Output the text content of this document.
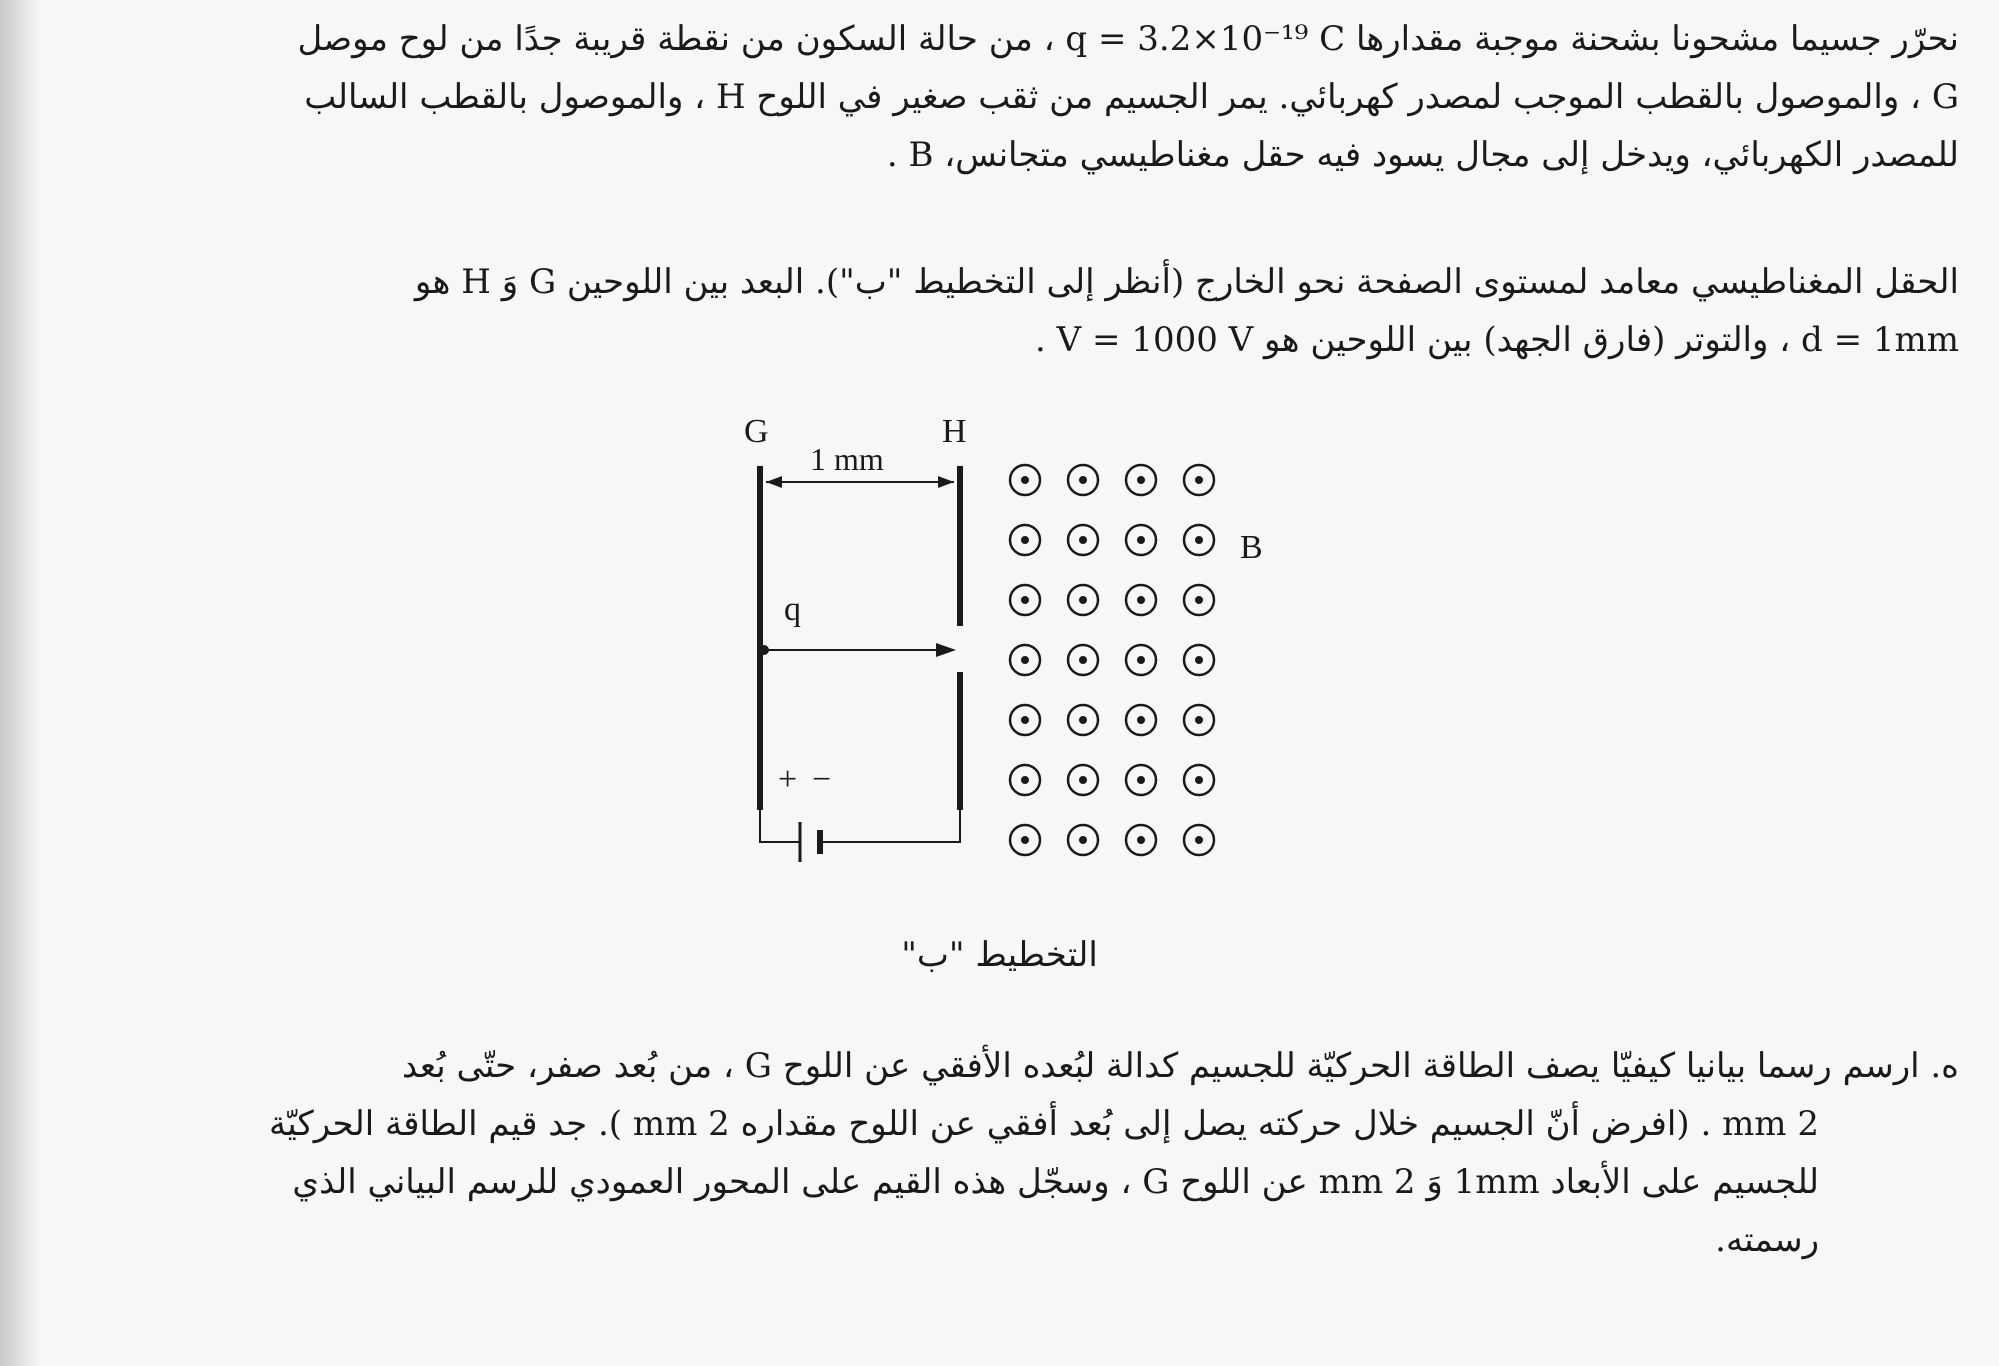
نحرّر جسيما مشحونا بشحنة موجبة مقدارها q = 3.2×10⁻¹⁹ C ، من حالة السكون من نقطة قريبة جدًا من لوح موصل
G ، والموصول بالقطب الموجب لمصدر كهربائي. يمر الجسيم من ثقب صغير في اللوح H ، والموصول بالقطب السالب
للمصدر الكهربائي، ويدخل إلى مجال يسود فيه حقل مغناطيسي متجانس، B .
الحقل المغناطيسي معامد لمستوى الصفحة نحو الخارج (أنظر إلى التخطيط "ب"). البعد بين اللوحين G وَ H هو
d = 1mm ، والتوتر (فارق الجهد) بين اللوحين هو V = 1000 V .
G	H
1 mm
q
B
+ −
التخطيط "ب"
ه. ارسم رسما بيانيا كيفيّا يصف الطاقة الحركيّة للجسيم كدالة لبُعده الأفقي عن اللوح G ، من بُعد صفر، حتّى بُعد
2 mm . (افرض أنّ الجسيم خلال حركته يصل إلى بُعد أفقي عن اللوح مقداره 2 mm ). جد قيم الطاقة الحركيّة
للجسيم على الأبعاد 1mm وَ 2 mm عن اللوح G ، وسجّل هذه القيم على المحور العمودي للرسم البياني الذي
رسمته.
